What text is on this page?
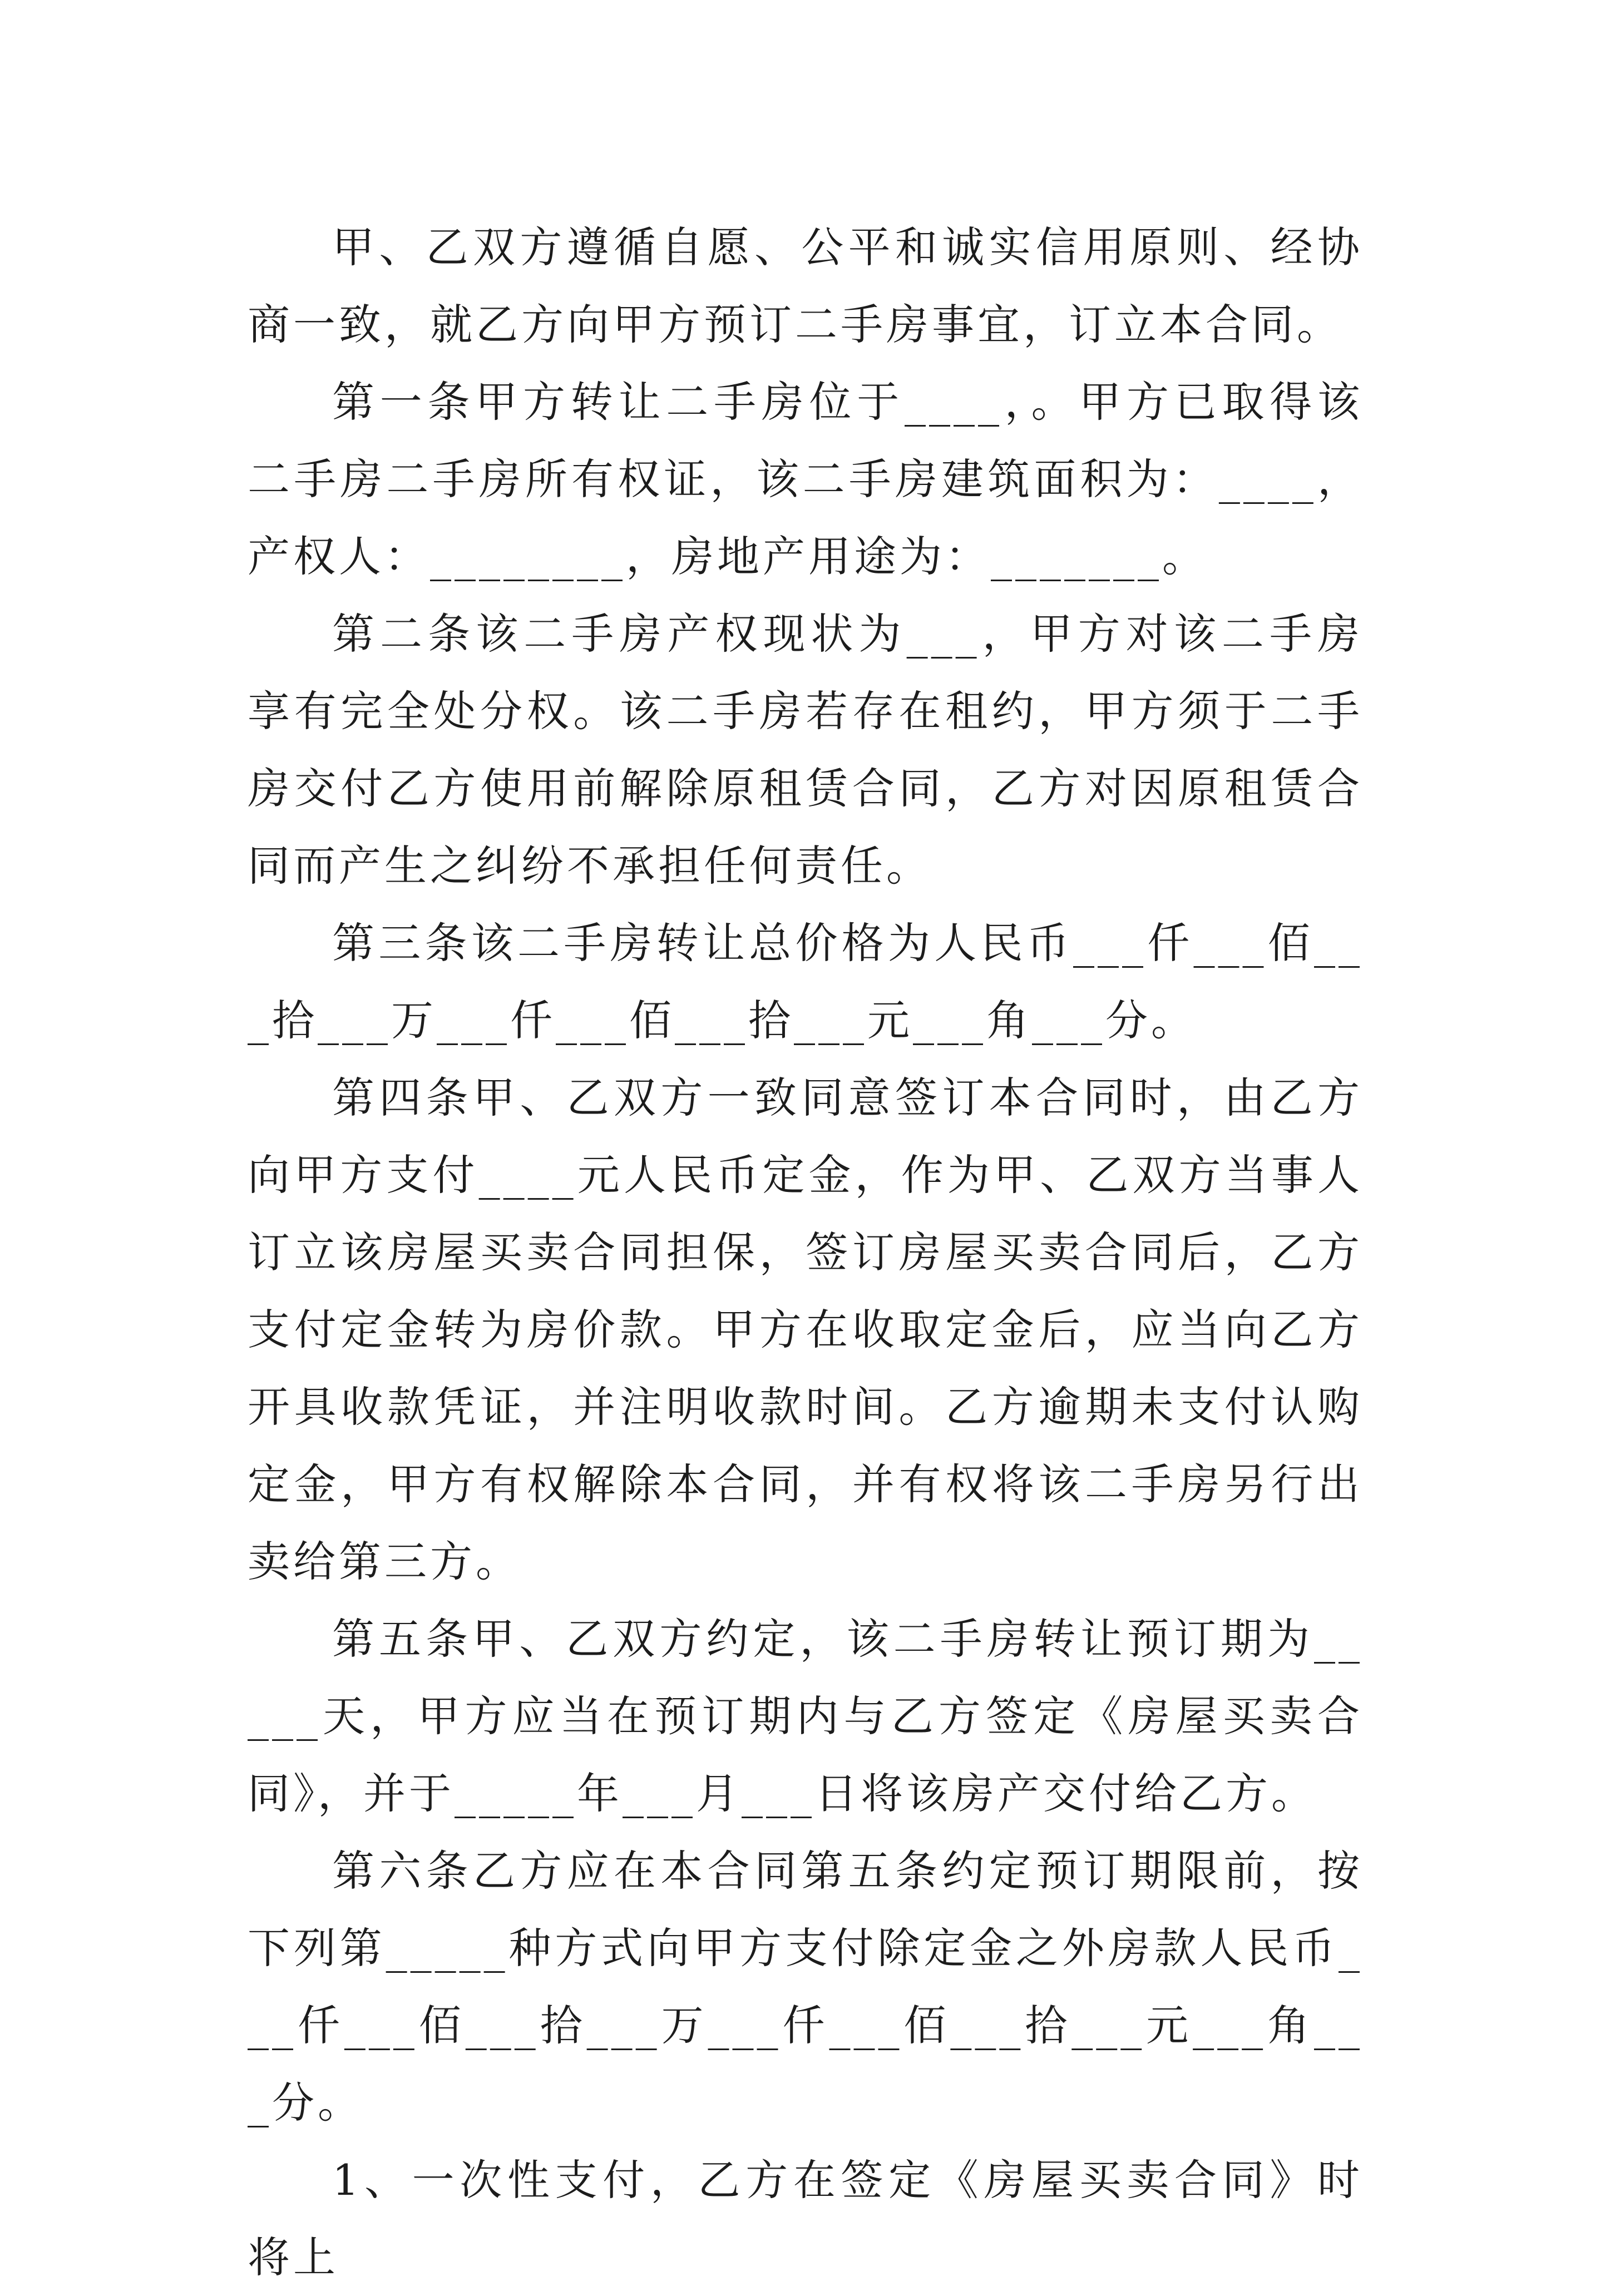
甲、乙双方遵循自愿、公平和诚实信用原则、经协商一致，就乙方向甲方预订二手房事宜，订立本合同。

第一条甲方转让二手房位于____，。甲方已取得该二手房二手房所有权证，该二手房建筑面积为：____，产权人：________，房地产用途为：_______。

第二条该二手房产权现状为___，甲方对该二手房享有完全处分权。该二手房若存在租约，甲方须于二手房交付乙方使用前解除原租赁合同，乙方对因原租赁合同而产生之纠纷不承担任何责任。

第三条该二手房转让总价格为人民币___仟___佰___拾___万___仟___佰___拾___元___角___分。

第四条甲、乙双方一致同意签订本合同时，由乙方向甲方支付____元人民币定金，作为甲、乙双方当事人订立该房屋买卖合同担保，签订房屋买卖合同后，乙方支付定金转为房价款。甲方在收取定金后，应当向乙方开具收款凭证，并注明收款时间。乙方逾期未支付认购定金，甲方有权解除本合同，并有权将该二手房另行出卖给第三方。

第五条甲、乙双方约定，该二手房转让预订期为_____天，甲方应当在预订期内与乙方签定《房屋买卖合同》，并于_____年___月___日将该房产交付给乙方。

第六条乙方应在本合同第五条约定预订期限前，按下列第_____种方式向甲方支付除定金之外房款人民币___仟___佰___拾___万___仟___佰___拾___元___角___分。

1、一次性支付，乙方在签定《房屋买卖合同》时将上
